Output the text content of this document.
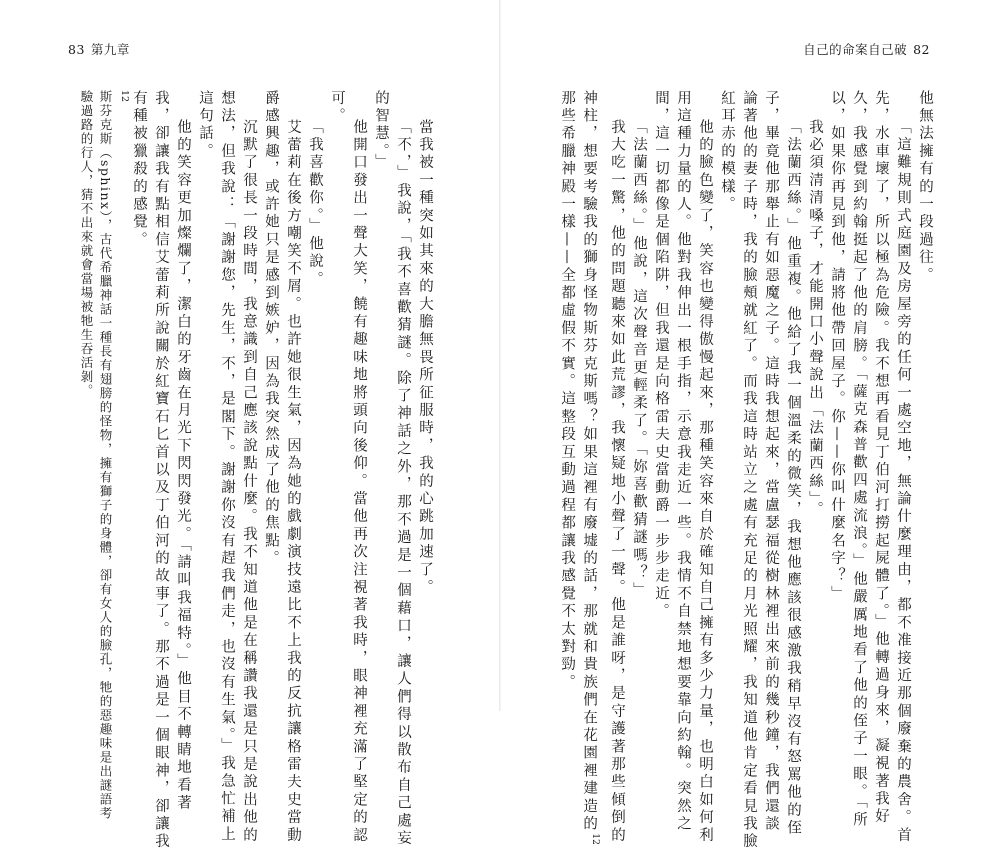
83 第九章
當我被一種突如其來的大膽無畏所征服時，我的心跳加速了。
「不，」我說，「我不喜歡猜謎。除了神話之外，那不過是一個藉口，讓人們得以散布自己處妄
的智慧。」
他開口發出一聲大笑，饒有趣味地將頭向後仰。當他再次注視著我時，眼神裡充滿了堅定的認
可。
「我喜歡你。」他說。
艾蕾莉在後方嘲笑不屑。也許她很生氣，因為她的戲劇演技遠比不上我的反抗讓格雷夫史當動
爵感興趣，或許她只是感到嫉妒，因為我突然成了他的焦點。
沉默了很長一段時間，我意識到自己應該說點什麼。我不知道他是在稱讚我還是只是說出他的
想法，但我說：「謝謝您，先生，不，是閣下。謝謝你沒有趕我們走，也沒有生氣。」我急忙補上
這句話。
他的笑容更加燦爛了，潔白的牙齒在月光下閃閃發光。「請叫我福特。」他目不轉睛地看著
我，卻讓我有點相信艾蕾莉所說關於紅寶石匕首以及丁伯河的故事了。那不過是一個眼神，卻讓我
有種被獵殺的感覺。
12
斯芬克斯（sphinx），古代希臘神話一種長有翅膀的怪物，擁有獅子的身體，卻有女人的臉孔，牠的惡趣味是出謎語考
驗過路的行人，猜不出來就會當場被牠生吞活剝。
自己的命案自己破 82
他無法擁有的一段過往。
「這難規則式庭園及房屋旁的任何一處空地，無論什麼理由，都不准接近那個廢棄的農舍。首
先，水車壞了，所以極為危險。我不想再看見丁伯河打撈起屍體了。」他轉過身來，凝視著我好
久，我感覺到約翰挺起了他的肩膀。「薩克森普歡四處流浪。」他嚴厲地看了他的侄子一眼。「所
以，如果你再見到他，請將他帶回屋子。你——你叫什麼名字？」
我必須清清嗓子，才能開口小聲說出「法蘭西絲」。
「法蘭西絲。」他重複。他給了我一個溫柔的微笑，我想他應該很感激我稍早沒有怒罵他的侄
子，畢竟他那舉止有如惡魔之子。這時我想起來，當盧瑟福從樹林裡出來前的幾秒鐘，我們還談
論著他的妻子時，我的臉頰就紅了。而我這時站立之處有充足的月光照耀，我知道他肯定看見我臉
紅耳赤的模樣。
他的臉色變了，笑容也變得傲慢起來，那種笑容來自於確知自己擁有多少力量，也明白如何利
用這種力量的人。他對我伸出一根手指，示意我走近一些。我情不自禁地想要靠向約翰。突然之
間，這一切都像是個陷阱，但我還是向格雷夫史當動爵一步步走近。
「法蘭西絲。」他說，這次聲音更輕柔了。「妳喜歡猜謎嗎？」
我大吃一驚，他的問題聽來如此荒謬，我懷疑地小聲了一聲。他是誰呀，是守護著那些傾倒的
神柱，想要考驗我的獅身怪物斯芬克斯嗎？如果這裡有廢墟的話，那就和貴族們在花園裡建造的$^{12}$
那些希臘神殿一樣——全都虛假不實。這整段互動過程都讓我感覺不太對勁。
